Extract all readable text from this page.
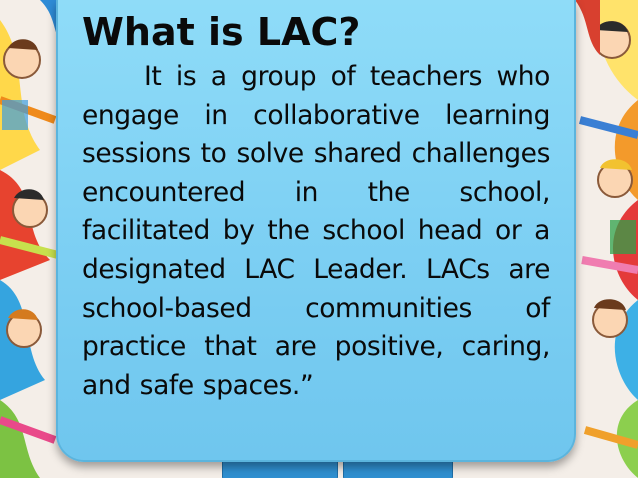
What is LAC?

It is a group of teachers who engage in collaborative learning sessions to solve shared challenges encountered in the school, facilitated by the school head or a designated LAC Leader. LACs are school-based communities of practice that are positive, caring, and safe spaces.”
